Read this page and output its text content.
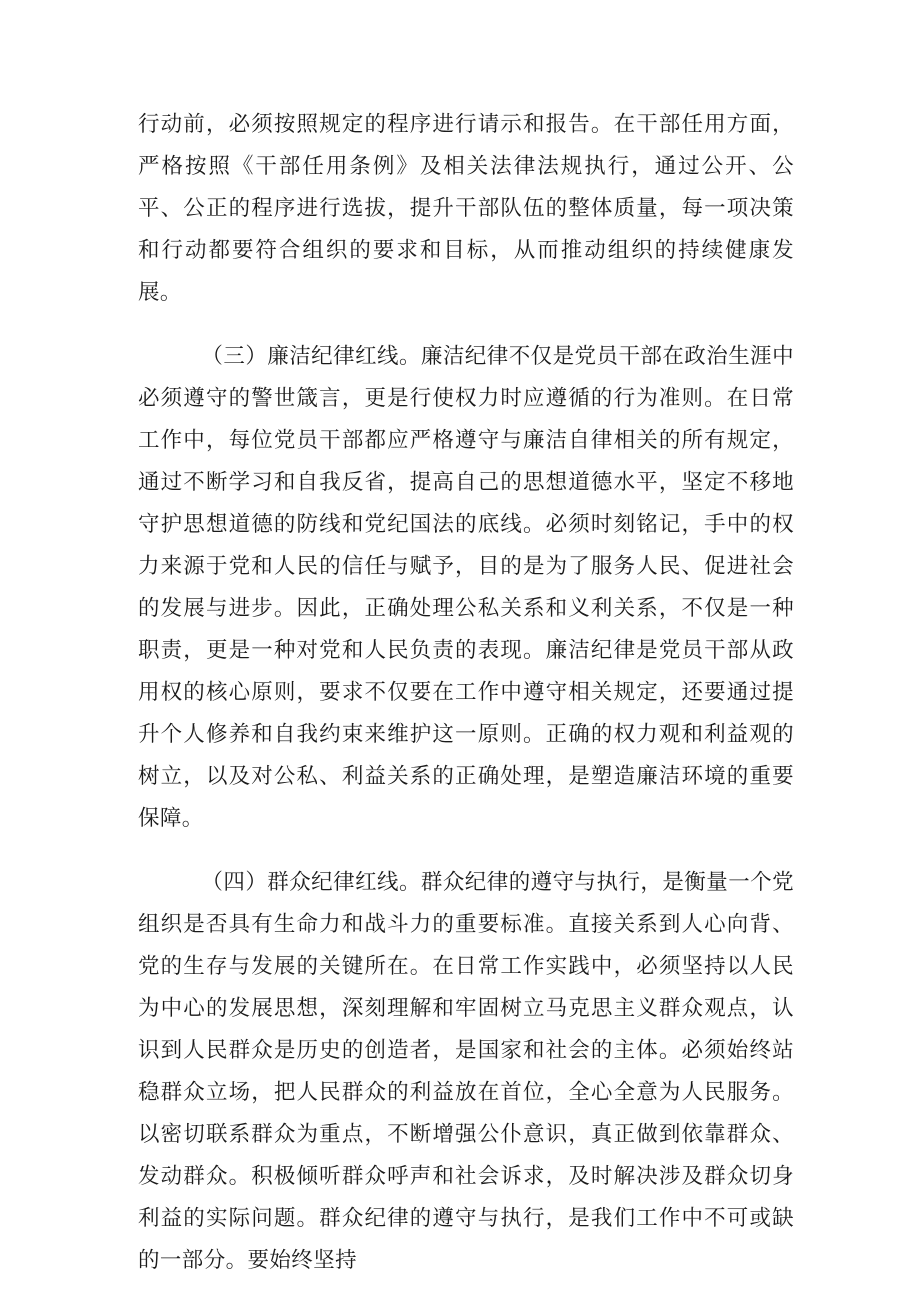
行动前，必须按照规定的程序进行请示和报告。在干部任用方面，严格按照《干部任用条例》及相关法律法规执行，通过公开、公平、公正的程序进行选拔，提升干部队伍的整体质量，每一项决策和行动都要符合组织的要求和目标，从而推动组织的持续健康发展。

（三）廉洁纪律红线。廉洁纪律不仅是党员干部在政治生涯中必须遵守的警世箴言，更是行使权力时应遵循的行为准则。在日常工作中，每位党员干部都应严格遵守与廉洁自律相关的所有规定，通过不断学习和自我反省，提高自己的思想道德水平，坚定不移地守护思想道德的防线和党纪国法的底线。必须时刻铭记，手中的权力来源于党和人民的信任与赋予，目的是为了服务人民、促进社会的发展与进步。因此，正确处理公私关系和义利关系，不仅是一种职责，更是一种对党和人民负责的表现。廉洁纪律是党员干部从政用权的核心原则，要求不仅要在工作中遵守相关规定，还要通过提升个人修养和自我约束来维护这一原则。正确的权力观和利益观的树立，以及对公私、利益关系的正确处理，是塑造廉洁环境的重要保障。

（四）群众纪律红线。群众纪律的遵守与执行，是衡量一个党组织是否具有生命力和战斗力的重要标准。直接关系到人心向背、党的生存与发展的关键所在。在日常工作实践中，必须坚持以人民为中心的发展思想，深刻理解和牢固树立马克思主义群众观点，认识到人民群众是历史的创造者，是国家和社会的主体。必须始终站稳群众立场，把人民群众的利益放在首位，全心全意为人民服务。以密切联系群众为重点，不断增强公仆意识，真正做到依靠群众、发动群众。积极倾听群众呼声和社会诉求，及时解决涉及群众切身利益的实际问题。群众纪律的遵守与执行，是我们工作中不可或缺的一部分。要始终坚持
